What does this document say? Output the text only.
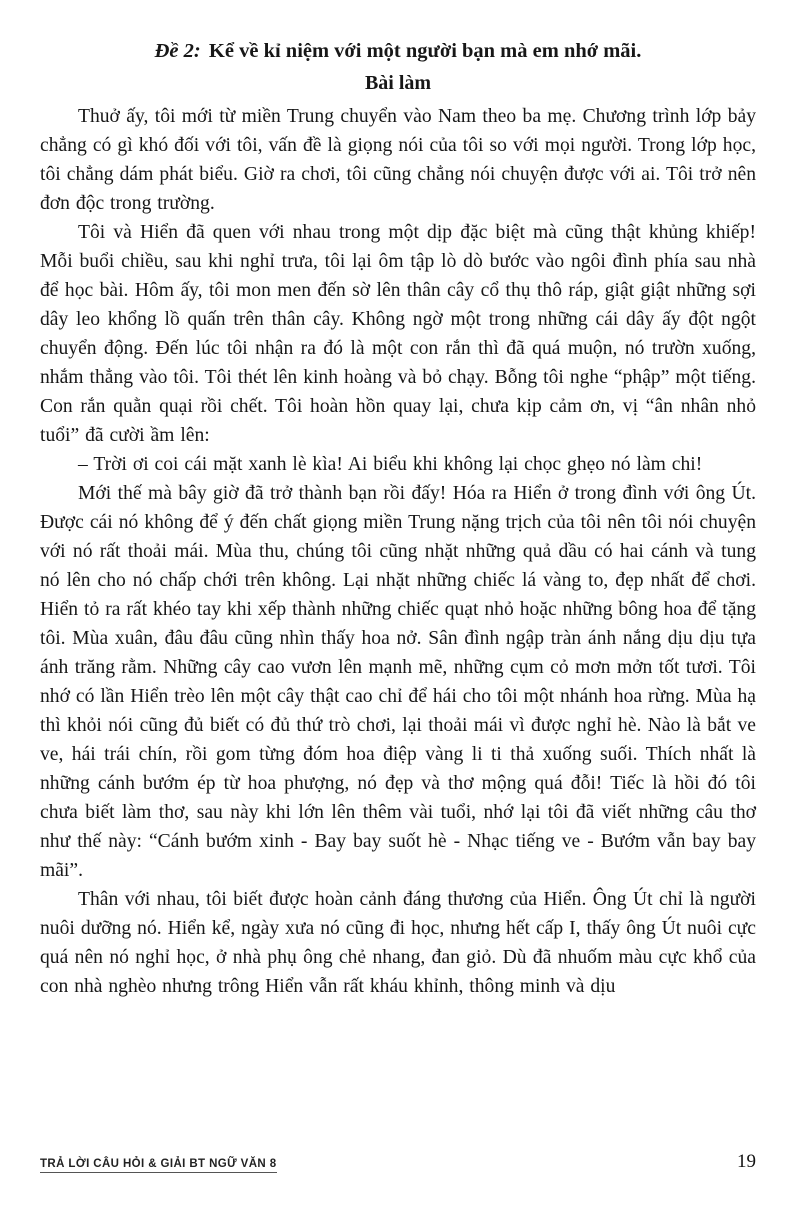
Đề 2: Kể về kỉ niệm với một người bạn mà em nhớ mãi.
Bài làm

Thuở ấy, tôi mới từ miền Trung chuyển vào Nam theo ba mẹ. Chương trình lớp bảy chẳng có gì khó đối với tôi, vấn đề là giọng nói của tôi so với mọi người. Trong lớp học, tôi chẳng dám phát biểu. Giờ ra chơi, tôi cũng chẳng nói chuyện được với ai. Tôi trở nên đơn độc trong trường.

Tôi và Hiển đã quen với nhau trong một dịp đặc biệt mà cũng thật khủng khiếp! Mỗi buổi chiều, sau khi nghỉ trưa, tôi lại ôm tập lò dò bước vào ngôi đình phía sau nhà để học bài. Hôm ấy, tôi mon men đến sờ lên thân cây cổ thụ thô ráp, giật giật những sợi dây leo khổng lồ quấn trên thân cây. Không ngờ một trong những cái dây ấy đột ngột chuyển động. Đến lúc tôi nhận ra đó là một con rắn thì đã quá muộn, nó trườn xuống, nhắm thẳng vào tôi. Tôi thét lên kinh hoàng và bỏ chạy. Bỗng tôi nghe “phập” một tiếng. Con rắn quằn quại rồi chết. Tôi hoàn hồn quay lại, chưa kịp cảm ơn, vị “ân nhân nhỏ tuổi” đã cười ầm lên:

– Trời ơi coi cái mặt xanh lè kìa! Ai biểu khi không lại chọc ghẹo nó làm chi!

Mới thế mà bây giờ đã trở thành bạn rồi đấy! Hóa ra Hiển ở trong đình với ông Út. Được cái nó không để ý đến chất giọng miền Trung nặng trịch của tôi nên tôi nói chuyện với nó rất thoải mái. Mùa thu, chúng tôi cũng nhặt những quả dầu có hai cánh và tung nó lên cho nó chấp chới trên không. Lại nhặt những chiếc lá vàng to, đẹp nhất để chơi. Hiển tỏ ra rất khéo tay khi xếp thành những chiếc quạt nhỏ hoặc những bông hoa để tặng tôi. Mùa xuân, đâu đâu cũng nhìn thấy hoa nở. Sân đình ngập tràn ánh nắng dịu dịu tựa ánh trăng rằm. Những cây cao vươn lên mạnh mẽ, những cụm cỏ mơn mởn tốt tươi. Tôi nhớ có lần Hiển trèo lên một cây thật cao chỉ để hái cho tôi một nhánh hoa rừng. Mùa hạ thì khỏi nói cũng đủ biết có đủ thứ trò chơi, lại thoải mái vì được nghỉ hè. Nào là bắt ve ve, hái trái chín, rồi gom từng đóm hoa điệp vàng li ti thả xuống suối. Thích nhất là những cánh bướm ép từ hoa phượng, nó đẹp và thơ mộng quá đỗi! Tiếc là hồi đó tôi chưa biết làm thơ, sau này khi lớn lên thêm vài tuổi, nhớ lại tôi đã viết những câu thơ như thế này: “Cánh bướm xinh - Bay bay suốt hè - Nhạc tiếng ve - Bướm vẫn bay bay mãi”.

Thân với nhau, tôi biết được hoàn cảnh đáng thương của Hiển. Ông Út chỉ là người nuôi dưỡng nó. Hiển kể, ngày xưa nó cũng đi học, nhưng hết cấp I, thấy ông Út nuôi cực quá nên nó nghỉ học, ở nhà phụ ông chẻ nhang, đan giỏ. Dù đã nhuốm màu cực khổ của con nhà nghèo nhưng trông Hiển vẫn rất kháu khỉnh, thông minh và dịu

TRẢ LỜI CÂU HỎI & GIẢI BT NGỮ VĂN 8	19
